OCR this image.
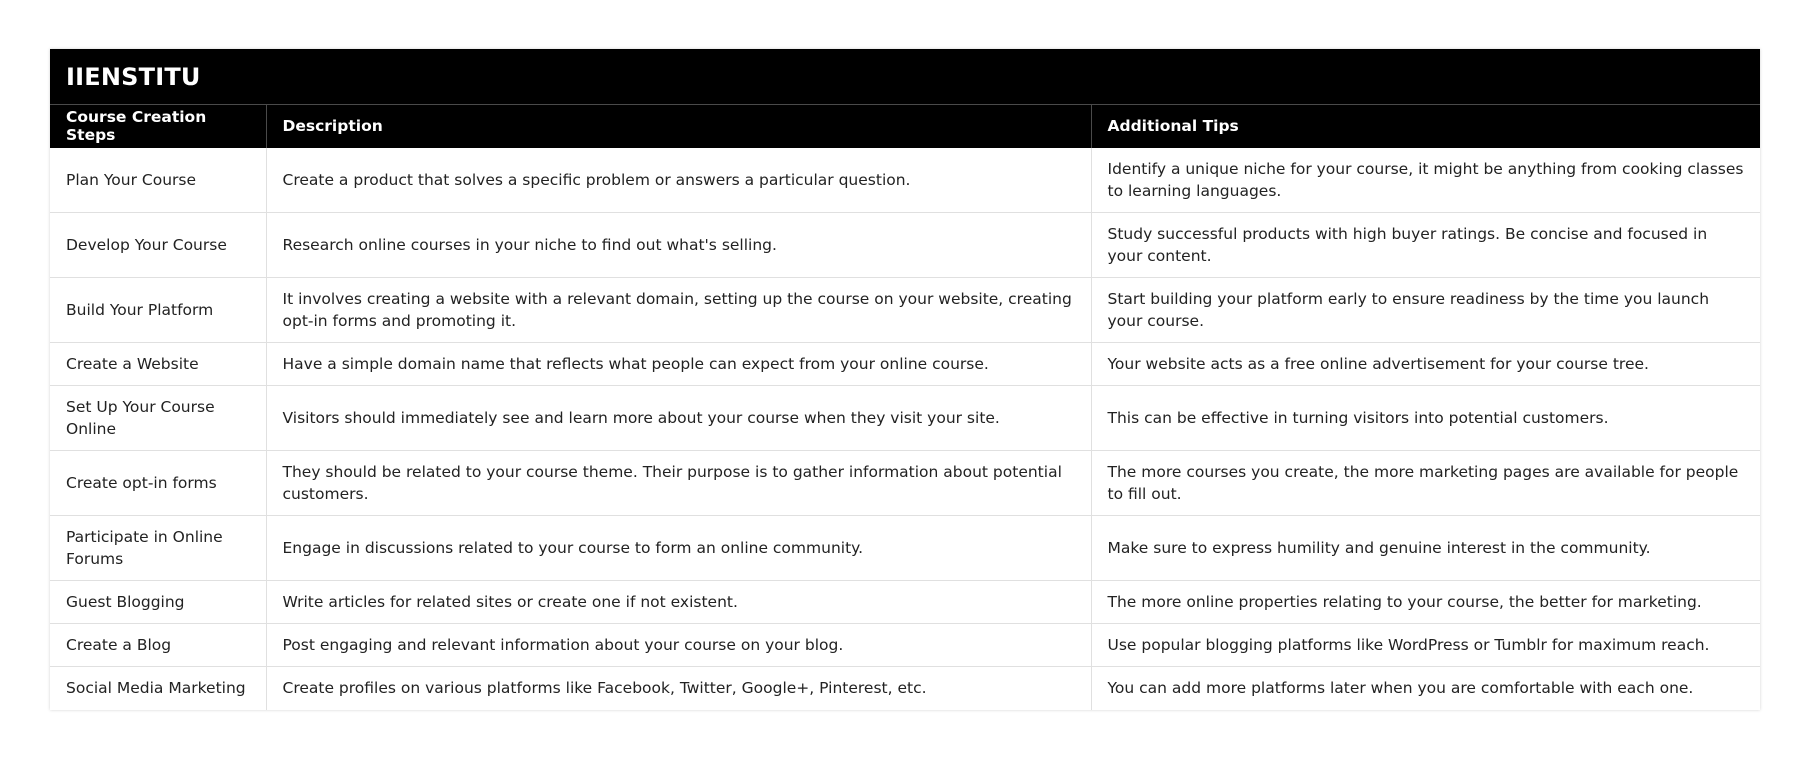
IIENSTITU
Course Creation Steps	Description	Additional Tips
Plan Your Course	Create a product that solves a specific problem or answers a particular question.	Identify a unique niche for your course, it might be anything from cooking classes to learning languages.
Develop Your Course	Research online courses in your niche to find out what's selling.	Study successful products with high buyer ratings. Be concise and focused in your content.
Build Your Platform	It involves creating a website with a relevant domain, setting up the course on your website, creating opt-in forms and promoting it.	Start building your platform early to ensure readiness by the time you launch your course.
Create a Website	Have a simple domain name that reflects what people can expect from your online course.	Your website acts as a free online advertisement for your course tree.
Set Up Your Course Online	Visitors should immediately see and learn more about your course when they visit your site.	This can be effective in turning visitors into potential customers.
Create opt-in forms	They should be related to your course theme. Their purpose is to gather information about potential customers.	The more courses you create, the more marketing pages are available for people to fill out.
Participate in Online Forums	Engage in discussions related to your course to form an online community.	Make sure to express humility and genuine interest in the community.
Guest Blogging	Write articles for related sites or create one if not existent.	The more online properties relating to your course, the better for marketing.
Create a Blog	Post engaging and relevant information about your course on your blog.	Use popular blogging platforms like WordPress or Tumblr for maximum reach.
Social Media Marketing	Create profiles on various platforms like Facebook, Twitter, Google+, Pinterest, etc.	You can add more platforms later when you are comfortable with each one.
